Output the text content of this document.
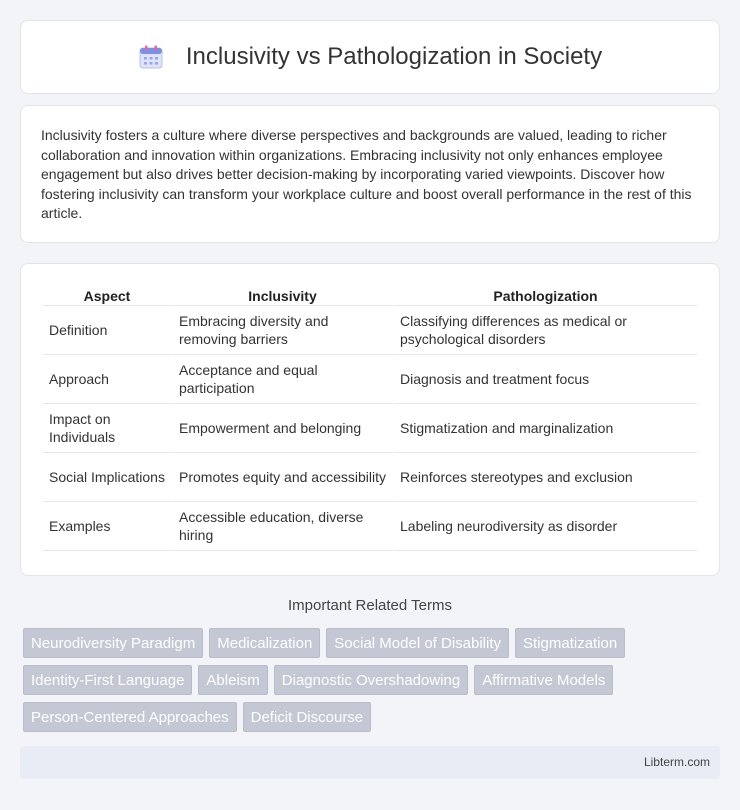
Inclusivity vs Pathologization in Society

Inclusivity fosters a culture where diverse perspectives and backgrounds are valued, leading to richer collaboration and innovation within organizations. Embracing inclusivity not only enhances employee engagement but also drives better decision-making by incorporating varied viewpoints. Discover how fostering inclusivity can transform your workplace culture and boost overall performance in the rest of this article.

Aspect	Inclusivity	Pathologization
Definition	Embracing diversity and removing barriers	Classifying differences as medical or psychological disorders
Approach	Acceptance and equal participation	Diagnosis and treatment focus
Impact on Individuals	Empowerment and belonging	Stigmatization and marginalization
Social Implications	Promotes equity and accessibility	Reinforces stereotypes and exclusion
Examples	Accessible education, diverse hiring	Labeling neurodiversity as disorder
Important Related Terms
Neurodiversity Paradigm	Medicalization	Social Model of Disability	Stigmatization
Identity-First Language	Ableism	Diagnostic Overshadowing	Affirmative Models
Person-Centered Approaches	Deficit Discourse
Libterm.com
